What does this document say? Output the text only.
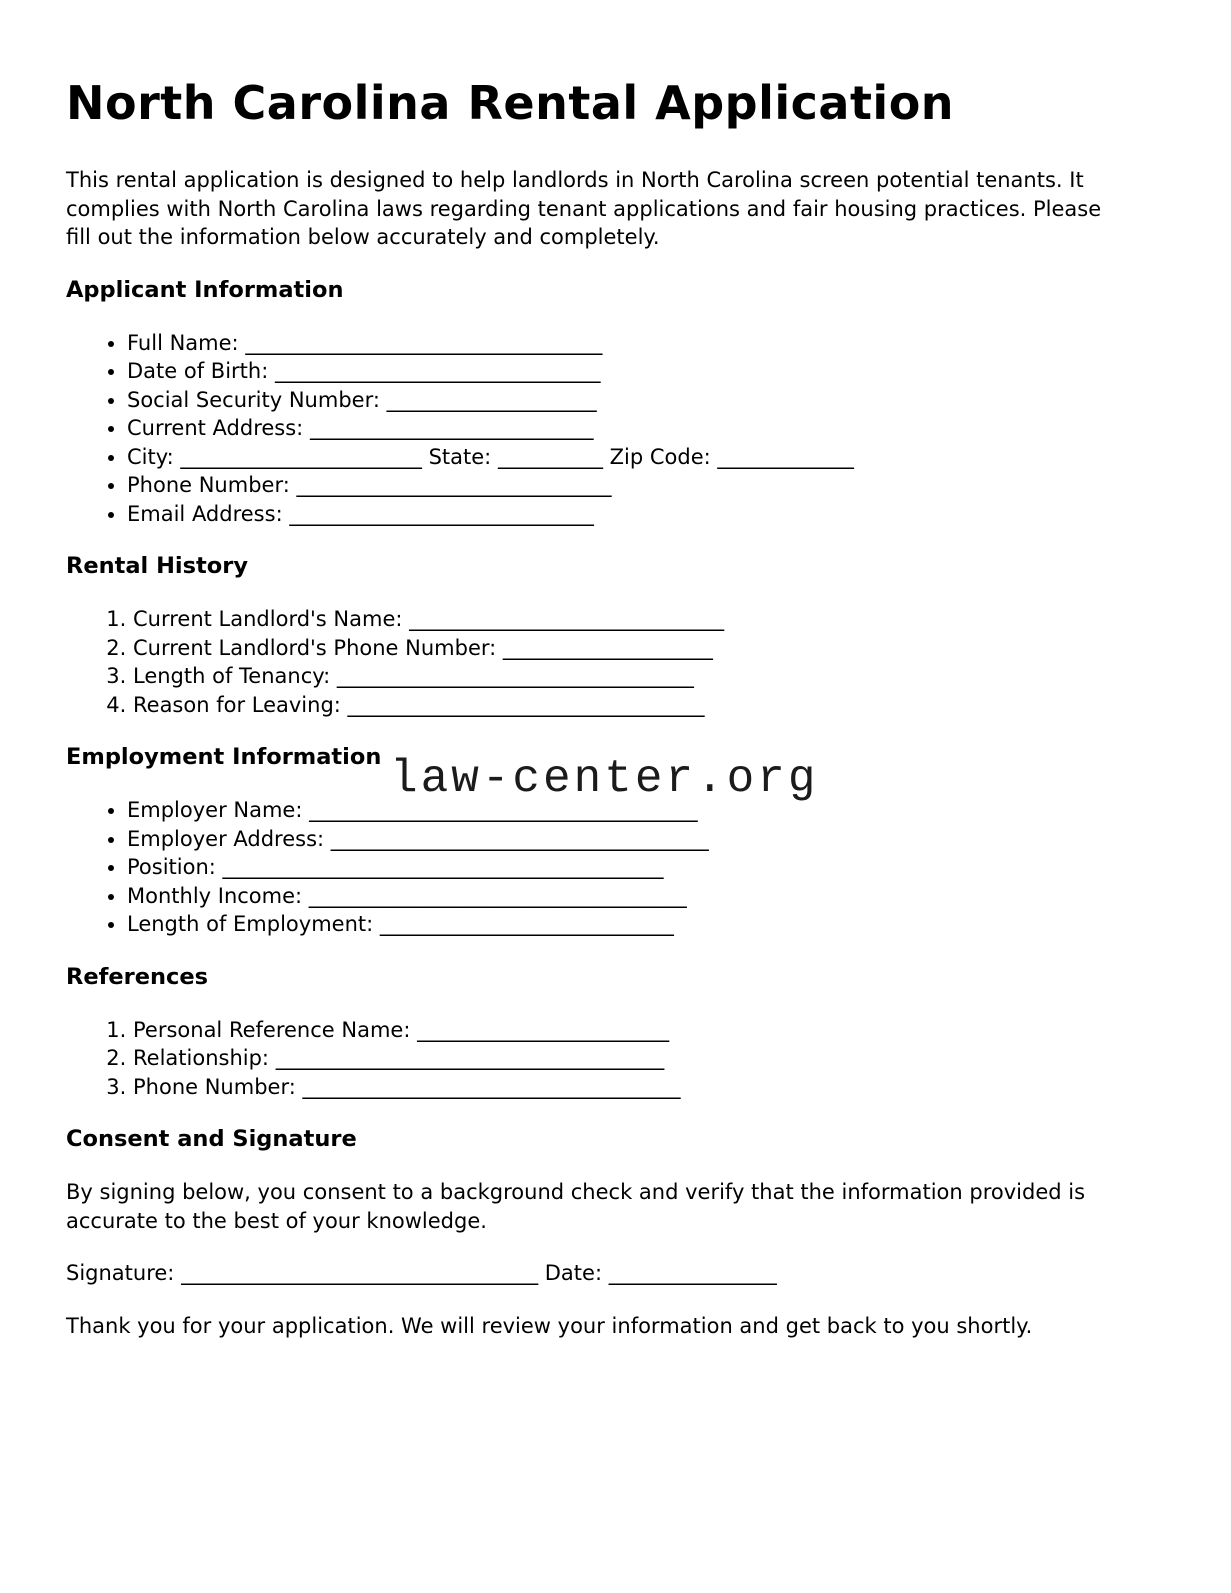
North Carolina Rental Application

This rental application is designed to help landlords in North Carolina screen potential tenants. It complies with North Carolina laws regarding tenant applications and fair housing practices. Please fill out the information below accurately and completely.

Applicant Information
• Full Name: __________________________________
• Date of Birth: _______________________________
• Social Security Number: ____________________
• Current Address: ___________________________
• City: _______________________ State: __________ Zip Code: _____________
• Phone Number: ______________________________
• Email Address: _____________________________
Rental History
1. Current Landlord's Name: ______________________________
2. Current Landlord's Phone Number: ____________________
3. Length of Tenancy: __________________________________
4. Reason for Leaving: __________________________________
Employment Information
• Employer Name: _____________________________________
• Employer Address: ____________________________________
• Position: __________________________________________
• Monthly Income: ____________________________________
• Length of Employment: ____________________________
References
1. Personal Reference Name: ________________________
2. Relationship: _____________________________________
3. Phone Number: ____________________________________
Consent and Signature

By signing below, you consent to a background check and verify that the information provided is accurate to the best of your knowledge.

Signature: __________________________________ Date: ________________

Thank you for your application. We will review your information and get back to you shortly.

law-center.org
